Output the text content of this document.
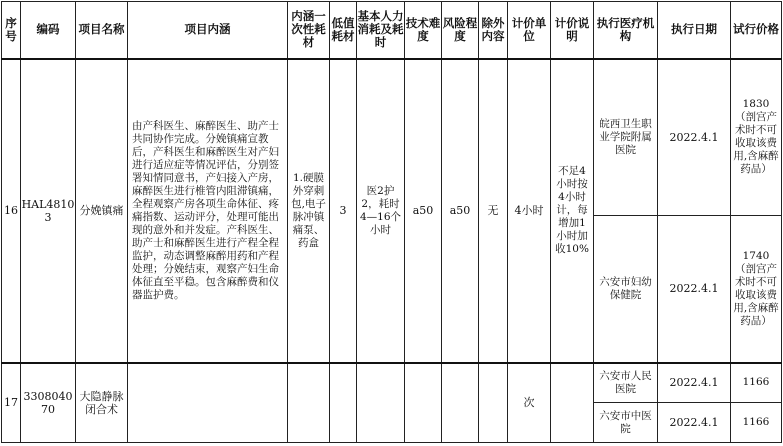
序号	编码	项目名称	项目内涵	内涵一次性耗材	低值耗材	基本人力消耗及耗时	技术难度	风险程度	除外内容	计价单位	计价说明	执行医疗机构	执行日期	试行价格
16	HAL48103	分娩镇痛	由产科医生、麻醉医生、助产士共同协作完成。分娩镇痛宣教后，产科医生和麻醉医生对产妇进行适应症等情况评估，分别签署知情同意书，产妇接入产房，麻醉医生进行椎管内阻滞镇痛，全程观察产房各项生命体征、疼痛指数、运动评分，处理可能出现的意外和并发症。产科医生、助产士和麻醉医生进行产程全程监护，动态调整麻醉用药和产程处理；分娩结束，观察产妇生命体征直至平稳。包含麻醉费和仪器监护费。	1.硬膜外穿刺包,电子脉冲镇痛泵、药盒	3	医2护2，耗时4—16个小时	a50	a50	无	4小时	不足4小时按4小时计，每增加1小时加收10%	皖西卫生职业学院附属医院	2022.4.1	1830（剖宫产术时不可收取该费用,含麻醉药品）
												六安市妇幼保健院	2022.4.1	1740（剖宫产术时不可收取该费用,含麻醉药品）
17	330804070	大隐静脉闭合术								次		六安市人民医院	2022.4.1	1166
												六安市中医院	2022.4.1	1166
